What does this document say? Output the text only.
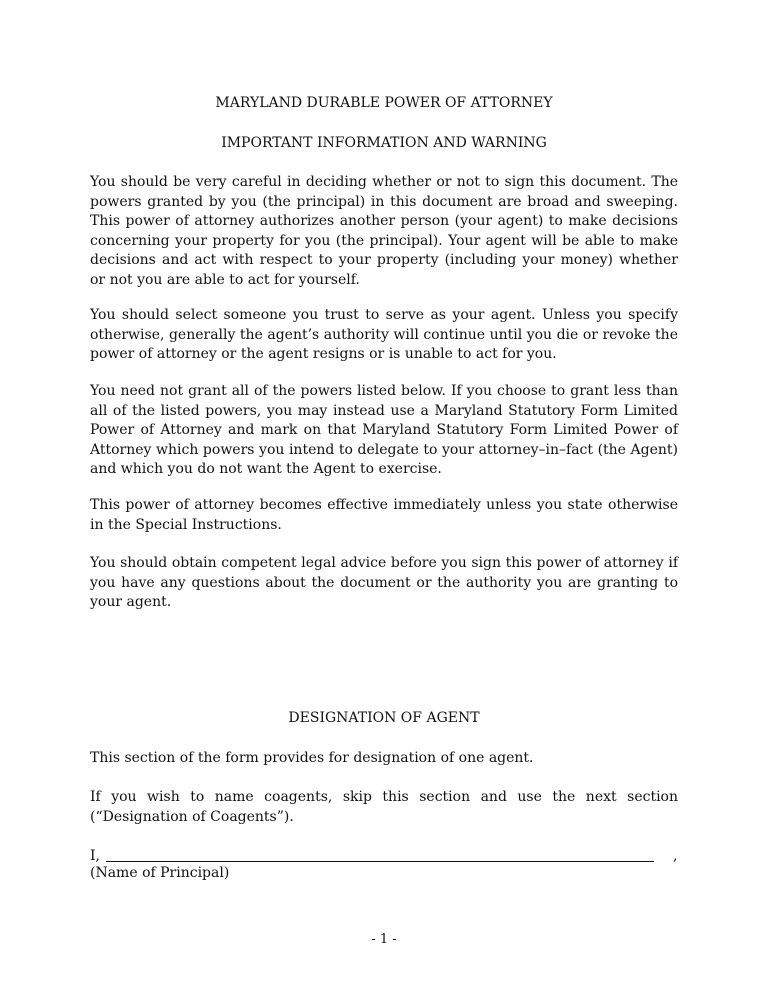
MARYLAND DURABLE POWER OF ATTORNEY
IMPORTANT INFORMATION AND WARNING

You should be very careful in deciding whether or not to sign this document. The powers granted by you (the principal) in this document are broad and sweeping. This power of attorney authorizes another person (your agent) to make decisions concerning your property for you (the principal). Your agent will be able to make decisions and act with respect to your property (including your money) whether or not you are able to act for yourself.

You should select someone you trust to serve as your agent. Unless you specify otherwise, generally the agent’s authority will continue until you die or revoke the power of attorney or the agent resigns or is unable to act for you.

You need not grant all of the powers listed below. If you choose to grant less than all of the listed powers, you may instead use a Maryland Statutory Form Limited Power of Attorney and mark on that Maryland Statutory Form Limited Power of Attorney which powers you intend to delegate to your attorney–in–fact (the Agent) and which you do not want the Agent to exercise.

This power of attorney becomes effective immediately unless you state otherwise in the Special Instructions.

You should obtain competent legal advice before you sign this power of attorney if you have any questions about the document or the authority you are granting to your agent.

DESIGNATION OF AGENT

This section of the form provides for designation of one agent.

If you wish to name coagents, skip this section and use the next section (“Designation of Coagents”).

I,	,
(Name of Principal)
- 1 -
